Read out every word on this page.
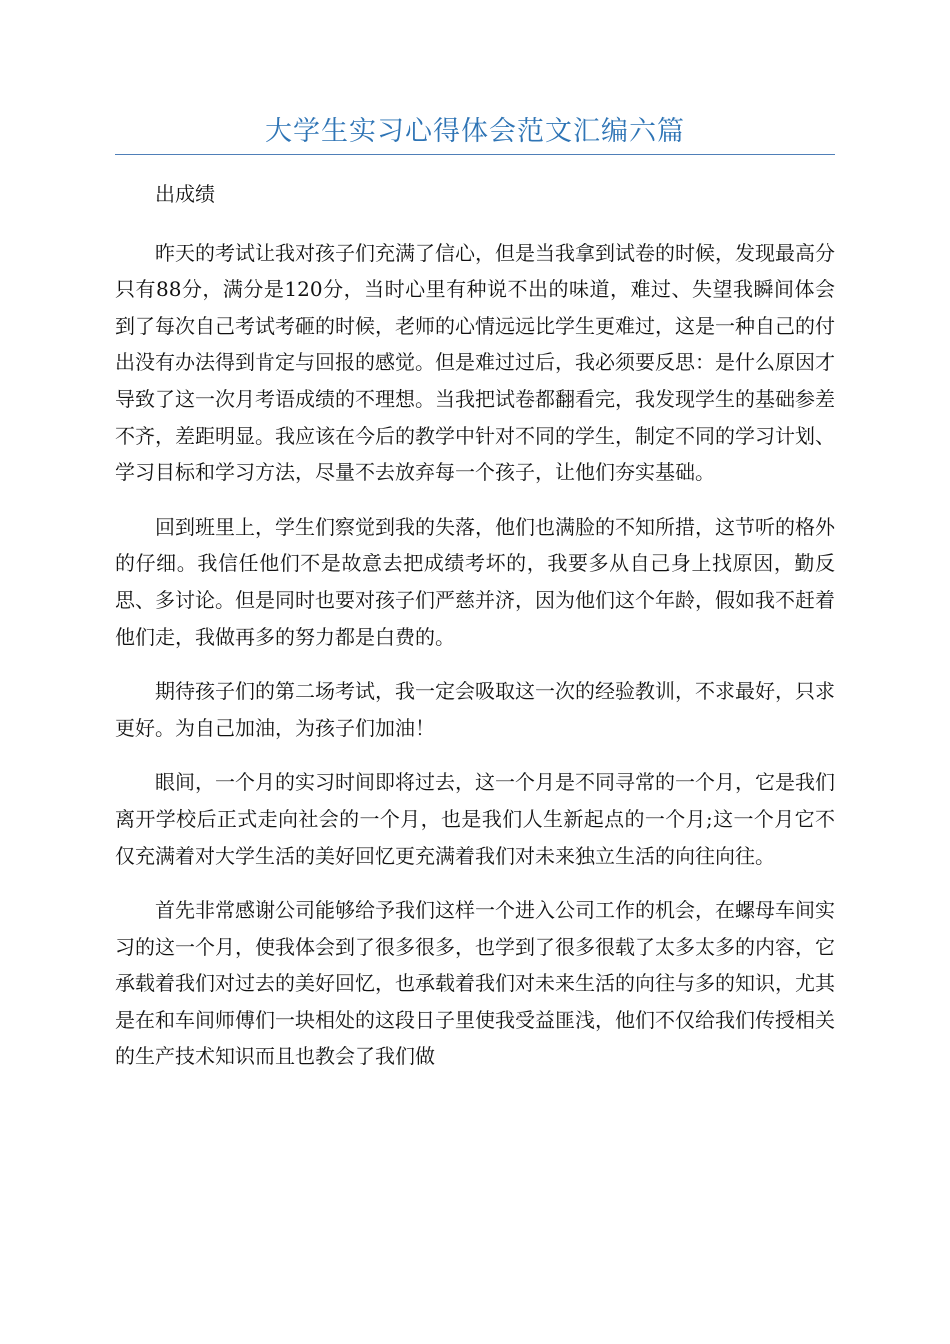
大学生实习心得体会范文汇编六篇

出成绩

昨天的考试让我对孩子们充满了信心，但是当我拿到试卷的时候，发现最高分只有88分，满分是120分，当时心里有种说不出的味道，难过、失望我瞬间体会到了每次自己考试考砸的时候，老师的心情远远比学生更难过，这是一种自己的付出没有办法得到肯定与回报的感觉。但是难过过后，我必须要反思：是什么原因才导致了这一次月考语成绩的不理想。当我把试卷都翻看完，我发现学生的基础参差不齐，差距明显。我应该在今后的教学中针对不同的学生，制定不同的学习计划、学习目标和学习方法，尽量不去放弃每一个孩子，让他们夯实基础。

回到班里上，学生们察觉到我的失落，他们也满脸的不知所措，这节听的格外的仔细。我信任他们不是故意去把成绩考坏的，我要多从自己身上找原因，勤反思、多讨论。但是同时也要对孩子们严慈并济，因为他们这个年龄，假如我不赶着他们走，我做再多的努力都是白费的。

期待孩子们的第二场考试，我一定会吸取这一次的经验教训，不求最好，只求更好。为自己加油，为孩子们加油！

眼间，一个月的实习时间即将过去，这一个月是不同寻常的一个月，它是我们离开学校后正式走向社会的一个月，也是我们人生新起点的一个月;这一个月它不仅充满着对大学生活的美好回忆更充满着我们对未来独立生活的向往向往。

首先非常感谢公司能够给予我们这样一个进入公司工作的机会，在螺母车间实习的这一个月，使我体会到了很多很多，也学到了很多很载了太多太多的内容，它承载着我们对过去的美好回忆，也承载着我们对未来生活的向往与多的知识，尤其是在和车间师傅们一块相处的这段日子里使我受益匪浅，他们不仅给我们传授相关的生产技术知识而且也教会了我们做
